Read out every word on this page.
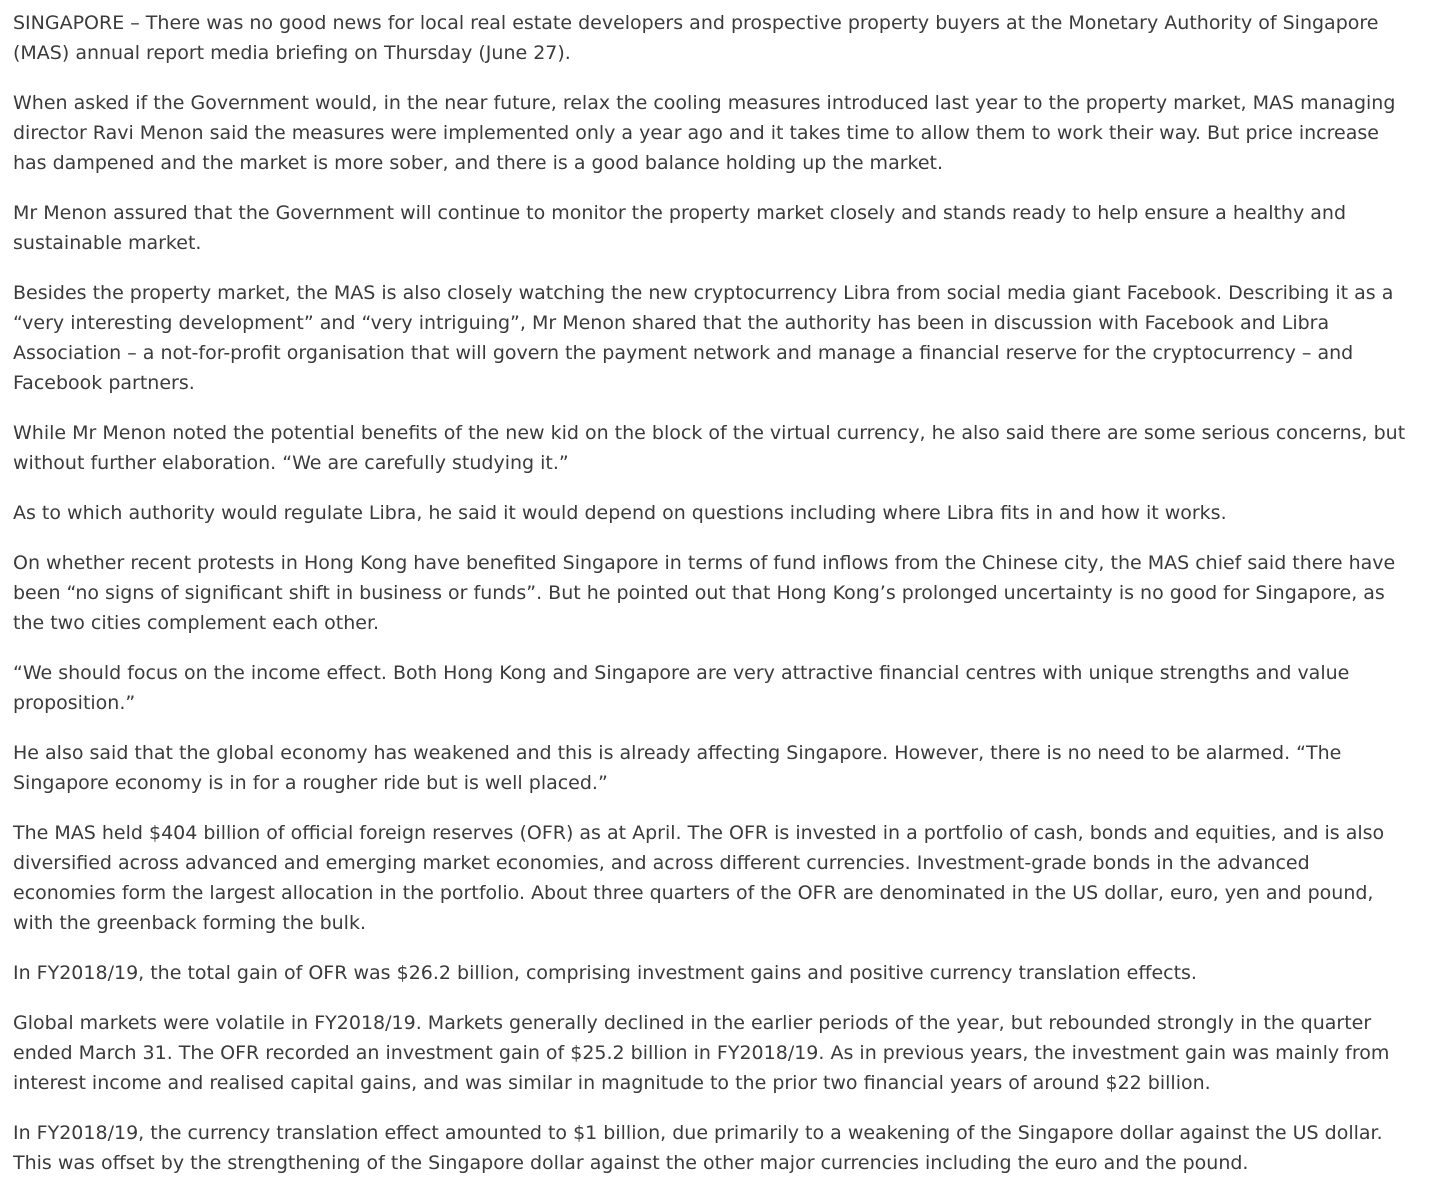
SINGAPORE – There was no good news for local real estate developers and prospective property buyers at the Monetary Authority of Singapore (MAS) annual report media briefing on Thursday (June 27).

When asked if the Government would, in the near future, relax the cooling measures introduced last year to the property market, MAS managing director Ravi Menon said the measures were implemented only a year ago and it takes time to allow them to work their way. But price increase has dampened and the market is more sober, and there is a good balance holding up the market.

Mr Menon assured that the Government will continue to monitor the property market closely and stands ready to help ensure a healthy and sustainable market.

Besides the property market, the MAS is also closely watching the new cryptocurrency Libra from social media giant Facebook. Describing it as a “very interesting development” and “very intriguing”, Mr Menon shared that the authority has been in discussion with Facebook and Libra Association – a not-for-profit organisation that will govern the payment network and manage a financial reserve for the cryptocurrency – and Facebook partners.

While Mr Menon noted the potential benefits of the new kid on the block of the virtual currency, he also said there are some serious concerns, but without further elaboration. “We are carefully studying it.”

As to which authority would regulate Libra, he said it would depend on questions including where Libra fits in and how it works.

On whether recent protests in Hong Kong have benefited Singapore in terms of fund inflows from the Chinese city, the MAS chief said there have been “no signs of significant shift in business or funds”. But he pointed out that Hong Kong’s prolonged uncertainty is no good for Singapore, as the two cities complement each other.

“We should focus on the income effect. Both Hong Kong and Singapore are very attractive financial centres with unique strengths and value proposition.”

He also said that the global economy has weakened and this is already affecting Singapore. However, there is no need to be alarmed. “The Singapore economy is in for a rougher ride but is well placed.”

The MAS held $404 billion of official foreign reserves (OFR) as at April. The OFR is invested in a portfolio of cash, bonds and equities, and is also diversified across advanced and emerging market economies, and across different currencies. Investment-grade bonds in the advanced economies form the largest allocation in the portfolio. About three quarters of the OFR are denominated in the US dollar, euro, yen and pound, with the greenback forming the bulk.

In FY2018/19, the total gain of OFR was $26.2 billion, comprising investment gains and positive currency translation effects.

Global markets were volatile in FY2018/19. Markets generally declined in the earlier periods of the year, but rebounded strongly in the quarter ended March 31. The OFR recorded an investment gain of $25.2 billion in FY2018/19. As in previous years, the investment gain was mainly from interest income and realised capital gains, and was similar in magnitude to the prior two financial years of around $22 billion.

In FY2018/19, the currency translation effect amounted to $1 billion, due primarily to a weakening of the Singapore dollar against the US dollar. This was offset by the strengthening of the Singapore dollar against the other major currencies including the euro and the pound.
